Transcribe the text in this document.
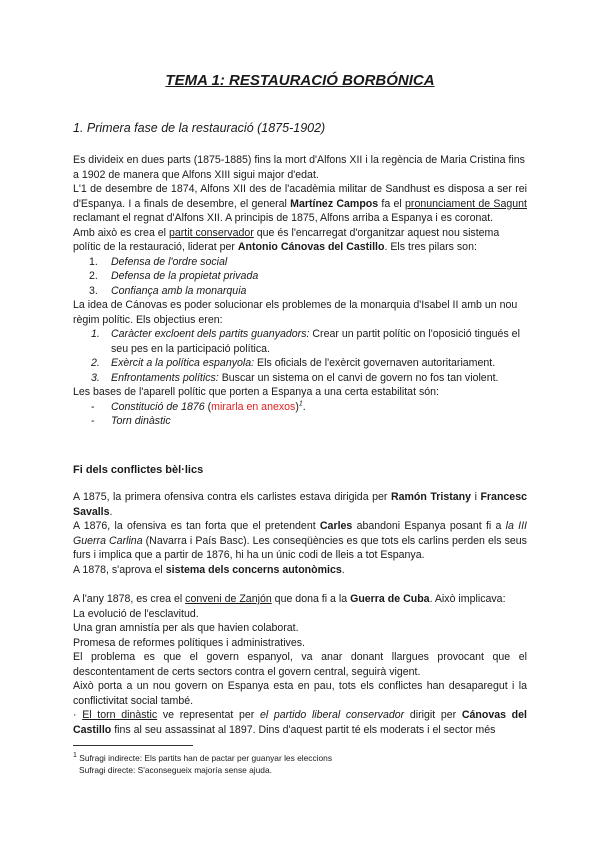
TEMA 1: RESTAURACIÓ BORBÓNICA
1. Primera fase de la restauració (1875-1902)

Es divideix en dues parts (1875-1885) fins la mort d'Alfons XII i la regència de Maria Cristina fins a 1902 de manera que Alfons XIII sigui major d'edat.

L'1 de desembre de 1874, Alfons XII des de l'acadèmia militar de Sandhust es disposa a ser rei d'Espanya. I a finals de desembre, el general Martínez Campos fa el pronunciament de Sagunt reclamant el regnat d'Alfons XII. A principis de 1875, Alfons arriba a Espanya i es coronat.

Amb això es crea el partit conservador que és l'encarregat d'organitzar aquest nou sistema polític de la restauració, liderat per Antonio Cánovas del Castillo. Els tres pilars son:

1. Defensa de l'ordre social
2. Defensa de la propietat privada
3. Confiança amb la monarquia

La idea de Cánovas es poder solucionar els problemes de la monarquia d'Isabel II amb un nou règim polític. Els objectius eren:

1. Caràcter excloent dels partits guanyadors: Crear un partit polític on l'oposició tingués el seu pes en la participació política.
2. Exèrcit a la política espanyola: Els oficials de l'exèrcit governaven autoritariament.
3. Enfrontaments polítics: Buscar un sistema on el canvi de govern no fos tan violent.

Les bases de l'aparell polític que porten a Espanya a una certa estabilitat són:

- Constitució de 1876 (mirarla en anexos)$^1$.
- Torn dinàstic
Fi dels conflictes bèl·lics

A 1875, la primera ofensiva contra els carlistes estava dirigida per Ramón Tristany i Francesc Savalls.

A 1876, la ofensiva es tan forta que el pretendent Carles abandoni Espanya posant fi a la III Guerra Carlina (Navarra i País Basc). Les conseqüències es que tots els carlins perden els seus furs i implica que a partir de 1876, hi ha un únic codi de lleis a tot Espanya.

A 1878, s'aprova el sistema dels concerns autonòmics.

A l'any 1878, es crea el conveni de Zanjón que dona fi a la Guerra de Cuba. Això implicava:

La evolució de l'esclavitud.

Una gran amnistía per als que havien colaborat.

Promesa de reformes polítiques i administratives.

El problema es que el govern espanyol, va anar donant llargues provocant que el descontentament de certs sectors contra el govern central, seguirà vigent.

Això porta a un nou govern on Espanya esta en pau, tots els conflictes han desaparegut i la conflictivitat social també.

· El torn dinàstic ve representat per el partido liberal conservador dirigit per Cánovas del Castillo fins al seu assassinat al 1897. Dins d'aquest partit té els moderats i el sector més

$^1$ Sufragi indirecte: Els partits han de pactar per guanyar les eleccions
Sufragi directe: S'aconsegueix majoría sense ajuda.
